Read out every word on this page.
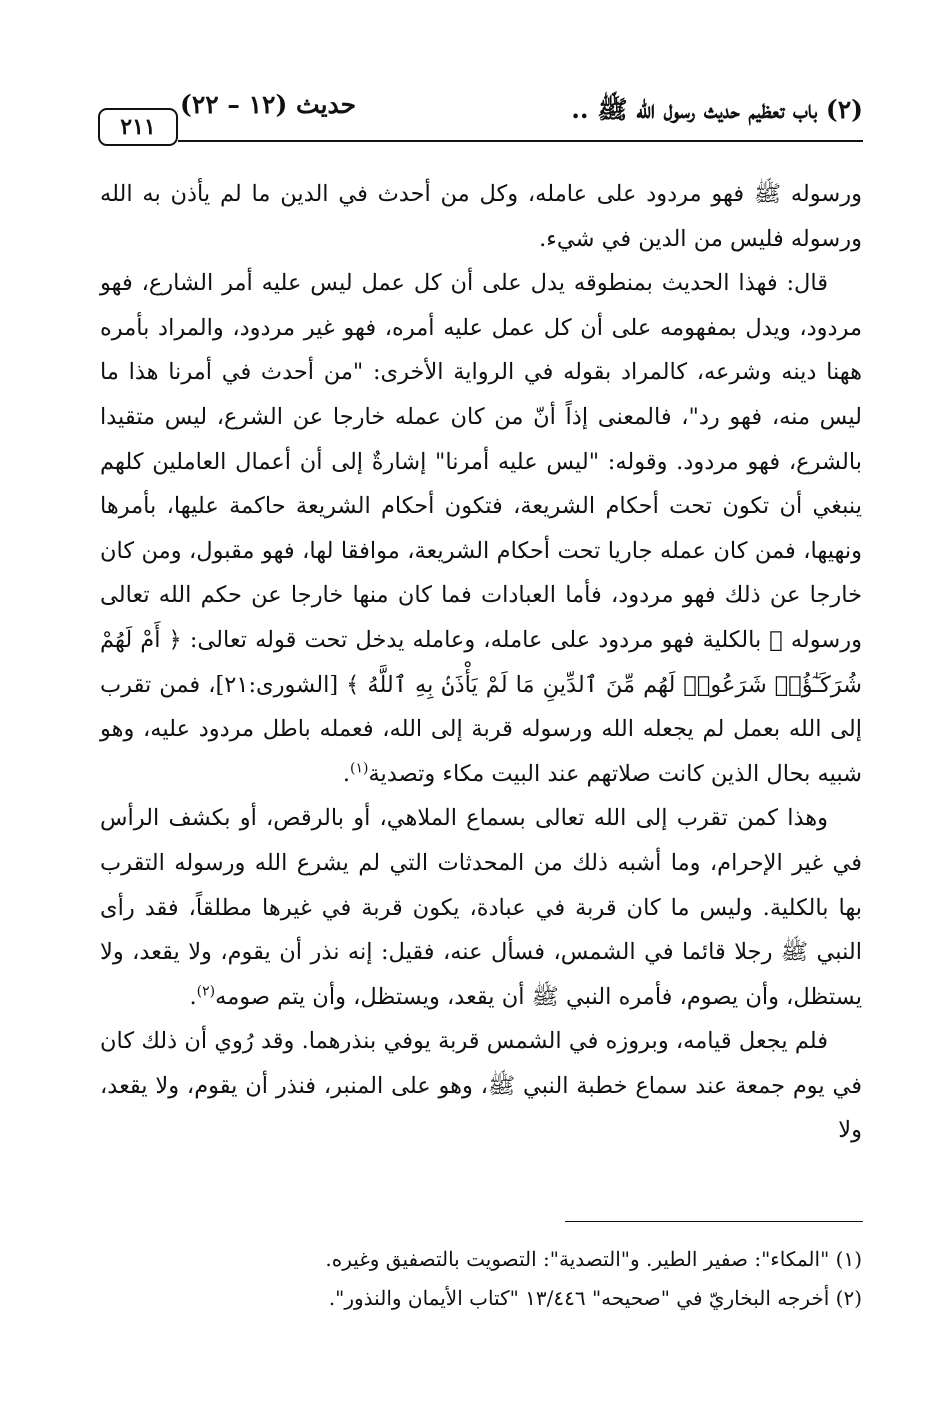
(٢) باب تعظيم حديث رسول الله ﷺ ..
حديث (١٢ – ٢٢)
٢١١

ورسوله ﷺ فهو مردود على عامله، وكل من أحدث في الدين ما لم يأذن به الله ورسوله فليس من الدين في شيء.

قال: فهذا الحديث بمنطوقه يدل على أن كل عمل ليس عليه أمر الشارع، فهو مردود، ويدل بمفهومه على أن كل عمل عليه أمره، فهو غير مردود، والمراد بأمره ههنا دينه وشرعه، كالمراد بقوله في الرواية الأخرى: "من أحدث في أمرنا هذا ما ليس منه، فهو رد"، فالمعنى إذاً أنّ من كان عمله خارجا عن الشرع، ليس متقيدا بالشرع، فهو مردود. وقوله: "ليس عليه أمرنا" إشارةٌ إلى أن أعمال العاملين كلهم ينبغي أن تكون تحت أحكام الشريعة، فتكون أحكام الشريعة حاكمة عليها، بأمرها ونهيها، فمن كان عمله جاريا تحت أحكام الشريعة، موافقا لها، فهو مقبول، ومن كان خارجا عن ذلك فهو مردود، فأما العبادات فما كان منها خارجا عن حكم الله تعالى ورسوله ﷺ بالكلية فهو مردود على عامله، وعامله يدخل تحت قوله تعالى: ﴿ أَمْ لَهُمْ شُرَكَـٰٓؤُا۟ شَرَعُوا۟ لَهُم مِّنَ ٱلدِّينِ مَا لَمْ يَأْذَنۢ بِهِ ٱللَّهُ ﴾ [الشورى:٢١]، فمن تقرب إلى الله بعمل لم يجعله الله ورسوله قربة إلى الله، فعمله باطل مردود عليه، وهو شبيه بحال الذين كانت صلاتهم عند البيت مكاء وتصدية$^{(١)}$.

وهذا كمن تقرب إلى الله تعالى بسماع الملاهي، أو بالرقص، أو بكشف الرأس في غير الإحرام، وما أشبه ذلك من المحدثات التي لم يشرع الله ورسوله التقرب بها بالكلية. وليس ما كان قربة في عبادة، يكون قربة في غيرها مطلقاً، فقد رأى النبي ﷺ رجلا قائما في الشمس، فسأل عنه، فقيل: إنه نذر أن يقوم، ولا يقعد، ولا يستظل، وأن يصوم، فأمره النبي ﷺ أن يقعد، ويستظل، وأن يتم صومه$^{(٢)}$.

فلم يجعل قيامه، وبروزه في الشمس قربة يوفي بنذرهما. وقد رُوي أن ذلك كان في يوم جمعة عند سماع خطبة النبي ﷺ، وهو على المنبر، فنذر أن يقوم، ولا يقعد، ولا

(١) "المكاء": صفير الطير. و"التصدية": التصويت بالتصفيق وغيره.

(٢) أخرجه البخاريّ في "صحيحه" ١٣/٤٤٦ "كتاب الأيمان والنذور".
